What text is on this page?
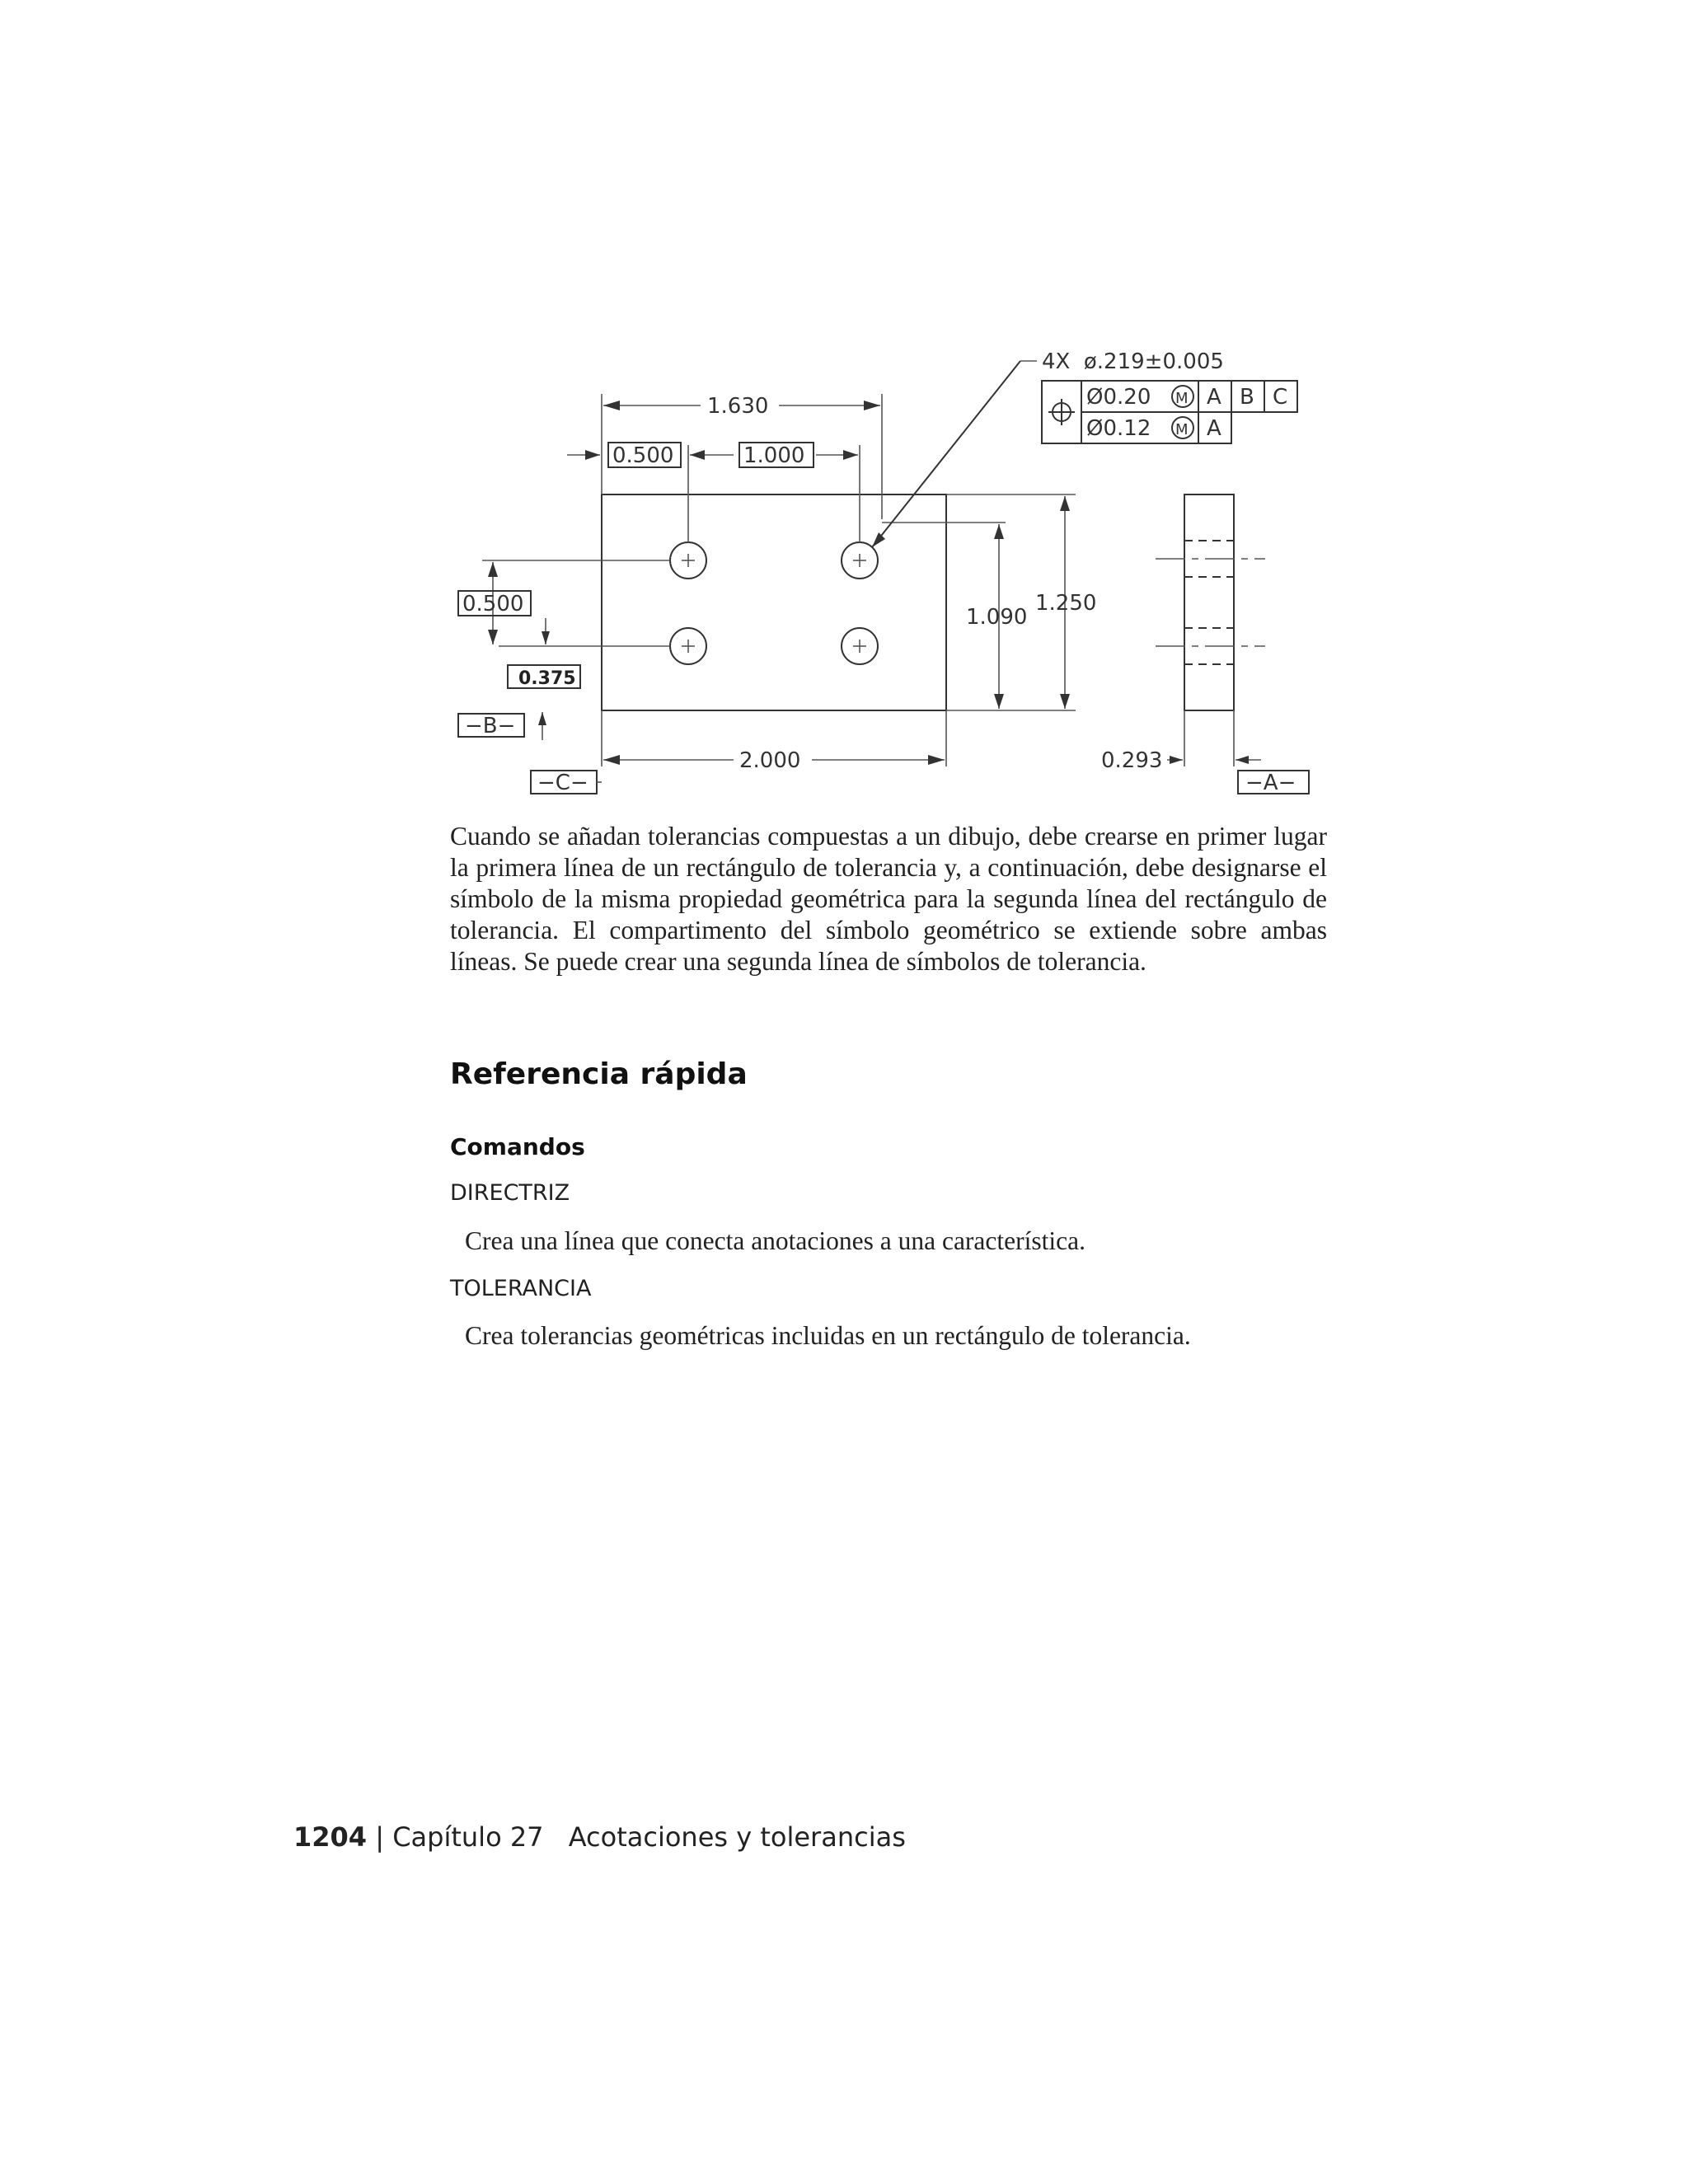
1.630
0.500	1.000
0.500
0.375
−B−
2.000
−C−
1.090
1.250
0.293
−A−
4X  ø.219±0.005
Ø0.20 M A B C
Ø0.12 M A

Cuando se añadan tolerancias compuestas a un dibujo, debe crearse en primer lugar la primera línea de un rectángulo de tolerancia y, a continuación, debe designarse el símbolo de la misma propiedad geométrica para la segunda línea del rectángulo de tolerancia. El compartimento del símbolo geométrico se extiende sobre ambas líneas. Se puede crear una segunda línea de símbolos de tolerancia.

Referencia rápida
Comandos

DIRECTRIZ

Crea una línea que conecta anotaciones a una característica.

TOLERANCIA

Crea tolerancias geométricas incluidas en un rectángulo de tolerancia.

1204 | Capítulo 27 Acotaciones y tolerancias
